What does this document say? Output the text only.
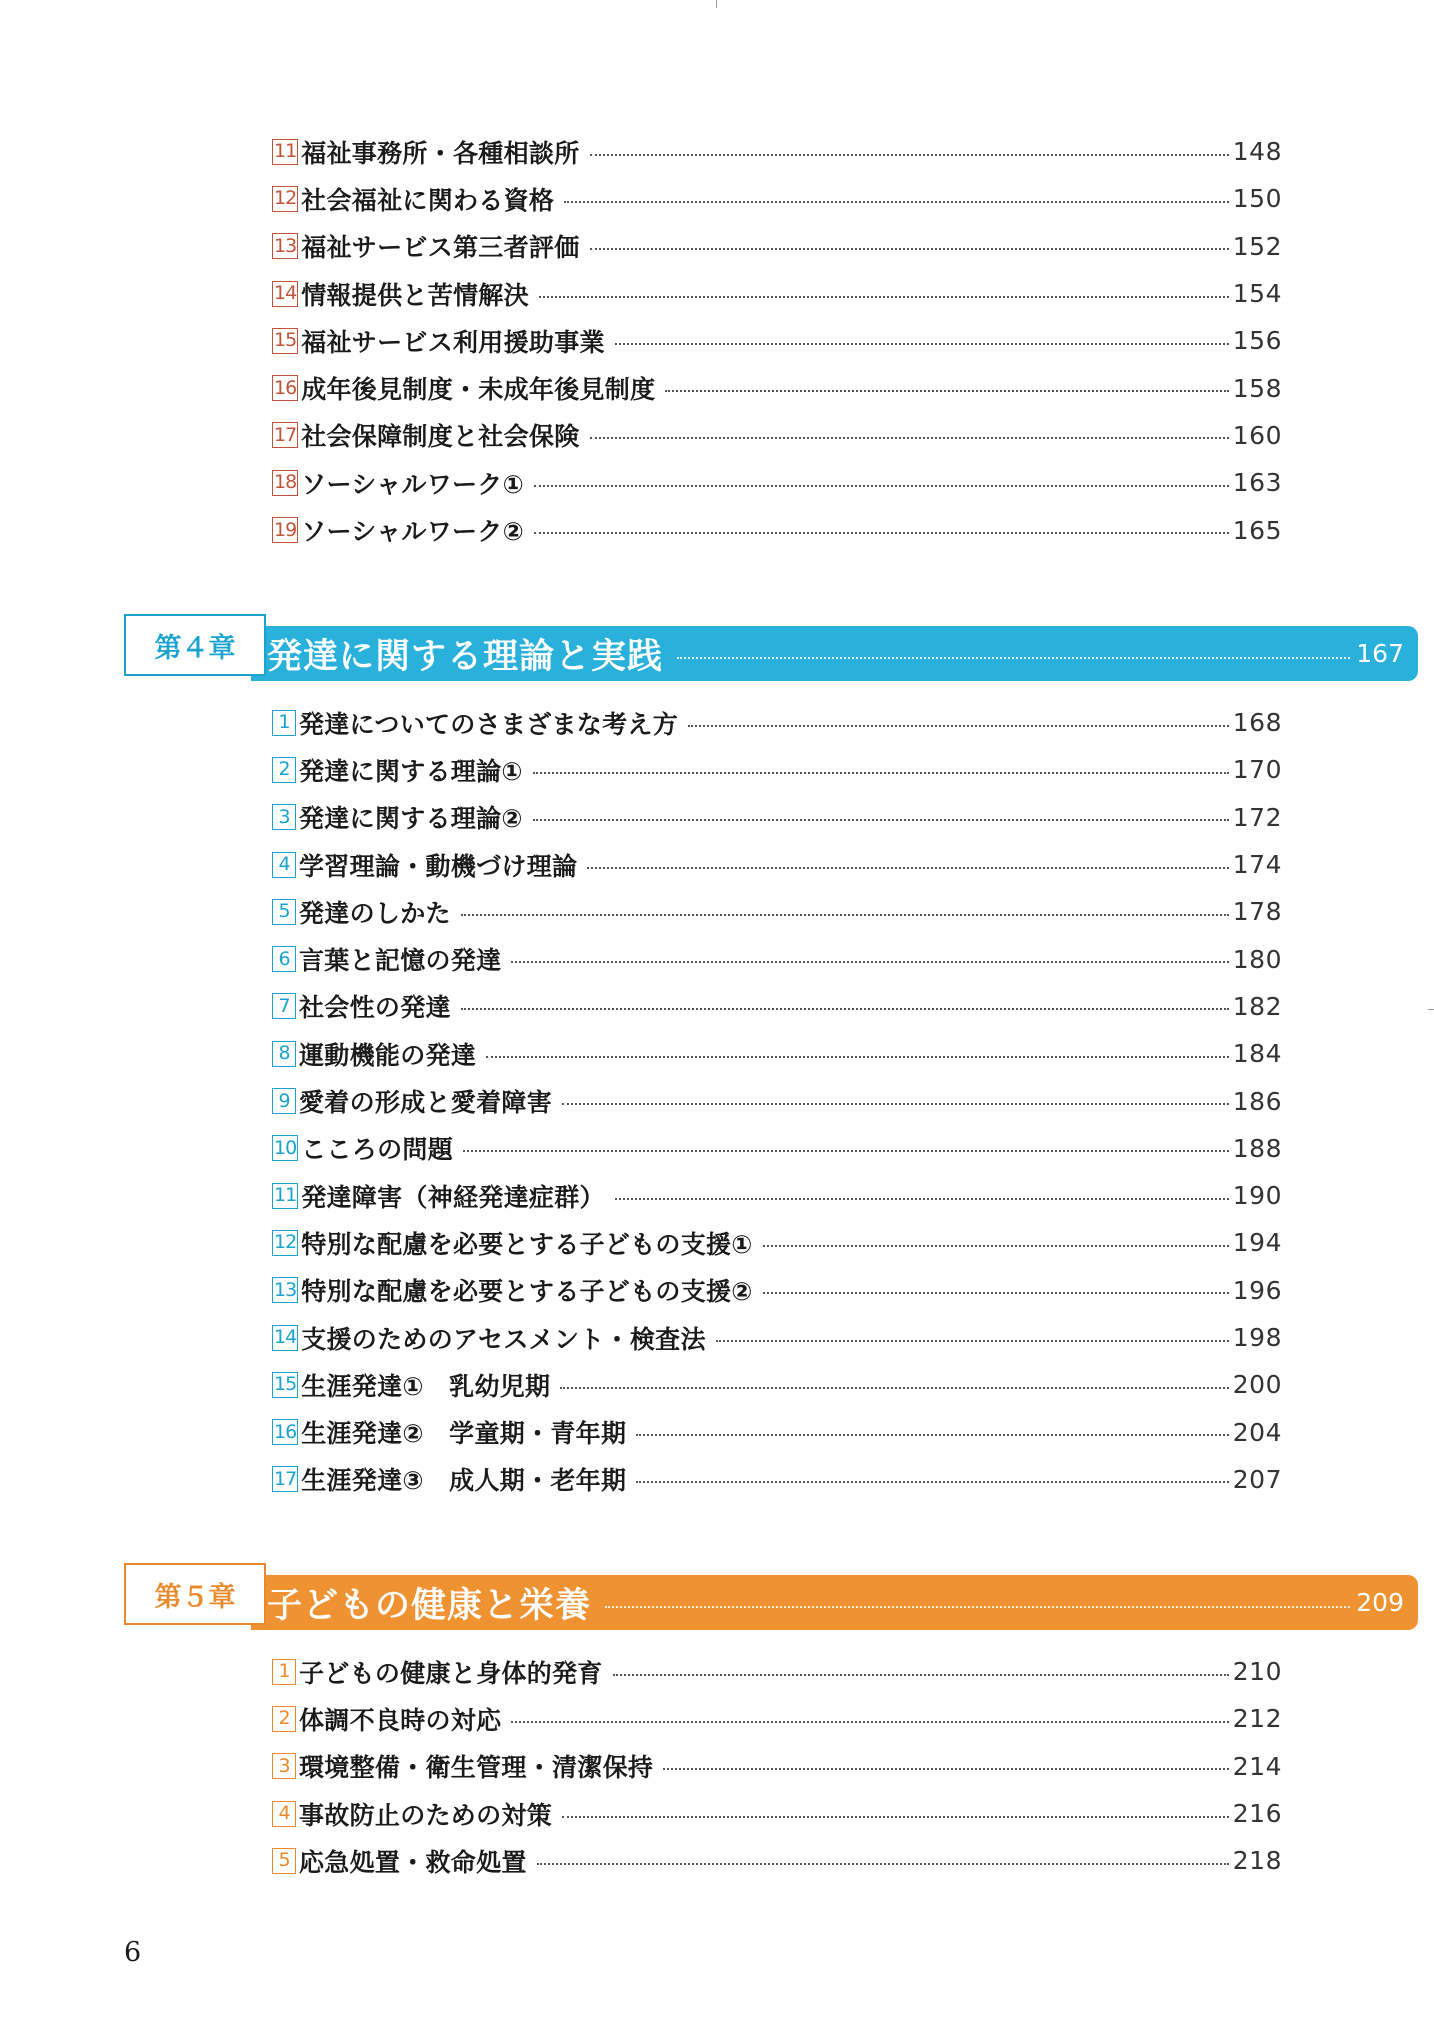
11 福祉事務所・各種相談所	148
12 社会福祉に関わる資格	150
13 福祉サービス第三者評価	152
14 情報提供と苦情解決	154
15 福祉サービス利用援助事業	156
16 成年後見制度・未成年後見制度	158
17 社会保障制度と社会保険	160
18 ソーシャルワーク①	163
19 ソーシャルワーク②	165
第４章 発達に関する理論と実践	167
1 発達についてのさまざまな考え方	168
2 発達に関する理論①	170
3 発達に関する理論②	172
4 学習理論・動機づけ理論	174
5 発達のしかた	178
6 言葉と記憶の発達	180
7 社会性の発達	182
8 運動機能の発達	184
9 愛着の形成と愛着障害	186
10 こころの問題	188
11 発達障害（神経発達症群）	190
12 特別な配慮を必要とする子どもの支援①	194
13 特別な配慮を必要とする子どもの支援②	196
14 支援のためのアセスメント・検査法	198
15 生涯発達①　乳幼児期	200
16 生涯発達②　学童期・青年期	204
17 生涯発達③　成人期・老年期	207
第５章 子どもの健康と栄養	209
1 子どもの健康と身体的発育	210
2 体調不良時の対応	212
3 環境整備・衛生管理・清潔保持	214
4 事故防止のための対策	216
5 応急処置・救命処置	218
6
